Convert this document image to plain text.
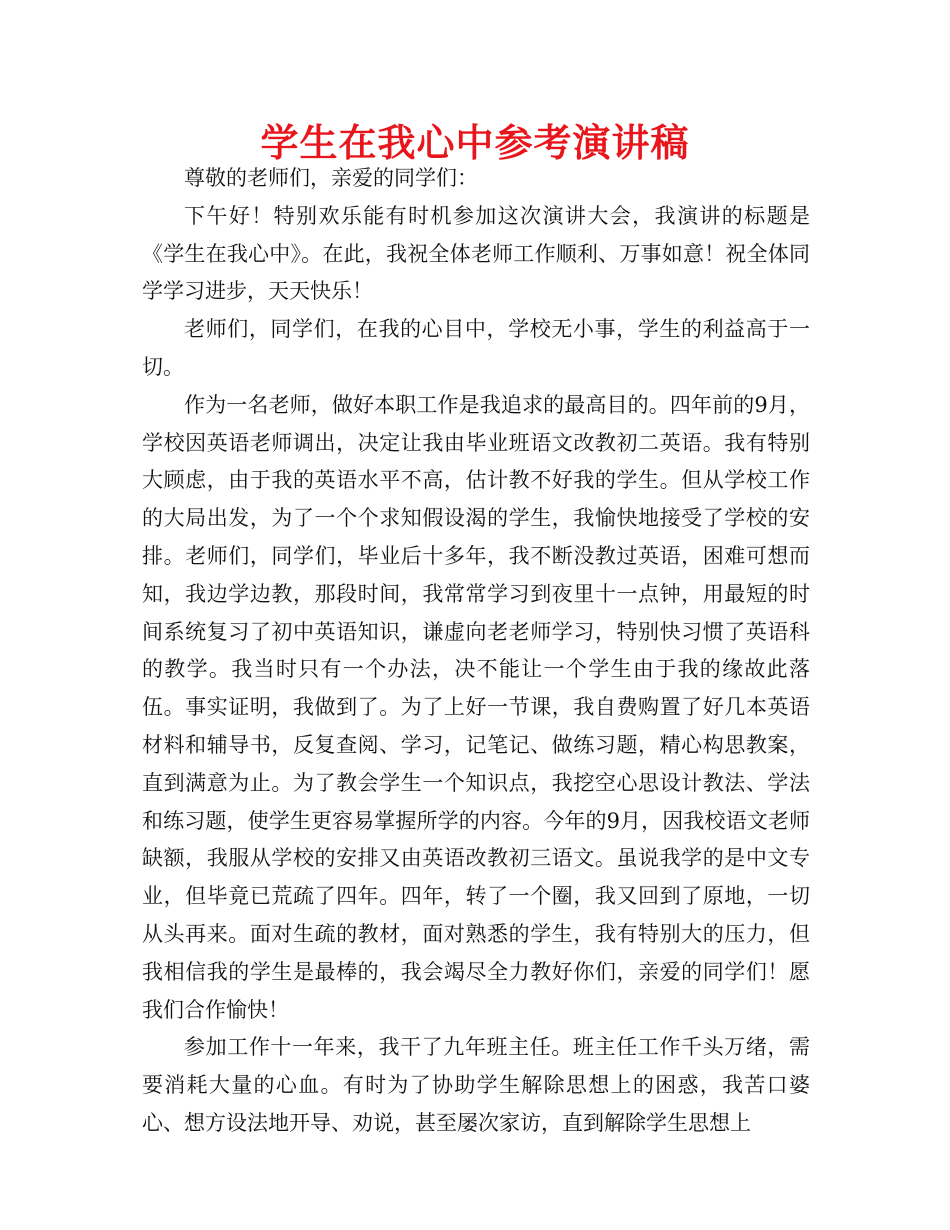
学生在我心中参考演讲稿

尊敬的老师们，亲爱的同学们：

下午好！特别欢乐能有时机参加这次演讲大会，我演讲的标题是《学生在我心中》。在此，我祝全体老师工作顺利、万事如意！祝全体同学学习进步，天天快乐！

老师们，同学们，在我的心目中，学校无小事，学生的利益高于一切。

作为一名老师，做好本职工作是我追求的最高目的。四年前的9月，学校因英语老师调出，决定让我由毕业班语文改教初二英语。我有特别大顾虑，由于我的英语水平不高，估计教不好我的学生。但从学校工作的大局出发，为了一个个求知假设渴的学生，我愉快地接受了学校的安排。老师们，同学们，毕业后十多年，我不断没教过英语，困难可想而知，我边学边教，那段时间，我常常学习到夜里十一点钟，用最短的时间系统复习了初中英语知识，谦虚向老老师学习，特别快习惯了英语科的教学。我当时只有一个办法，决不能让一个学生由于我的缘故此落伍。事实证明，我做到了。为了上好一节课，我自费购置了好几本英语材料和辅导书，反复查阅、学习，记笔记、做练习题，精心构思教案，直到满意为止。为了教会学生一个知识点，我挖空心思设计教法、学法和练习题，使学生更容易掌握所学的内容。今年的9月，因我校语文老师缺额，我服从学校的安排又由英语改教初三语文。虽说我学的是中文专业，但毕竟已荒疏了四年。四年，转了一个圈，我又回到了原地，一切从头再来。面对生疏的教材，面对熟悉的学生，我有特别大的压力，但我相信我的学生是最棒的，我会竭尽全力教好你们，亲爱的同学们！愿我们合作愉快！

参加工作十一年来，我干了九年班主任。班主任工作千头万绪，需要消耗大量的心血。有时为了协助学生解除思想上的困惑，我苦口婆心、想方设法地开导、劝说，甚至屡次家访，直到解除学生思想上
